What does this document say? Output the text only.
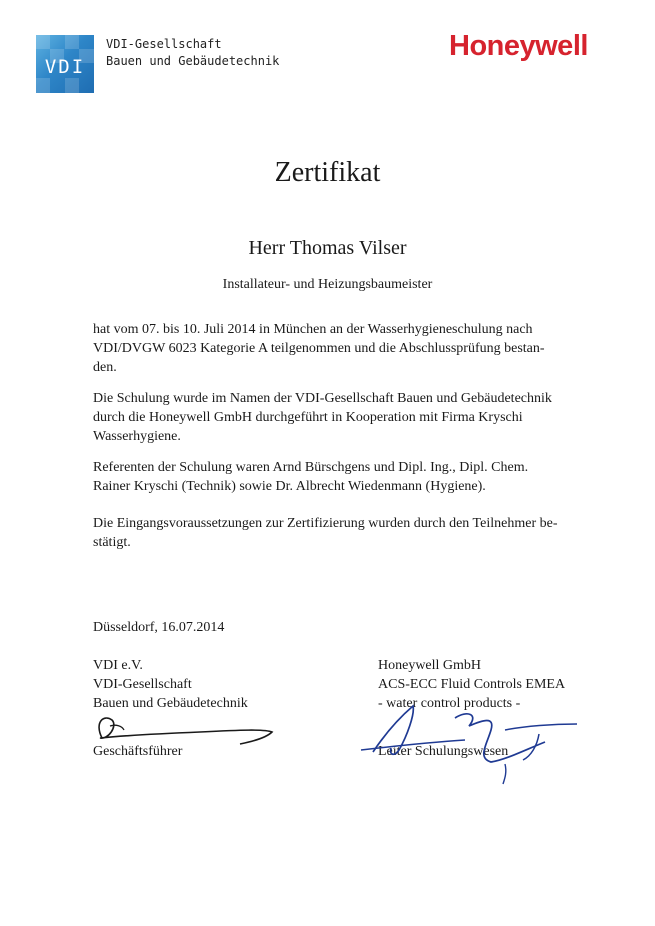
VDI
VDI-Gesellschaft
Bauen und Gebäudetechnik	Honeywell
Zertifikat
Herr Thomas Vilser
Installateur- und Heizungsbaumeister
hat vom 07. bis 10. Juli 2014 in München an der Wasserhygieneschulung nach
VDI/DVGW 6023 Kategorie A teilgenommen und die Abschlussprüfung bestan-
den.
Die Schulung wurde im Namen der VDI-Gesellschaft Bauen und Gebäudetechnik
durch die Honeywell GmbH durchgeführt in Kooperation mit Firma Kryschi
Wasserhygiene.
Referenten der Schulung waren Arnd Bürschgens und Dipl. Ing., Dipl. Chem.
Rainer Kryschi (Technik) sowie Dr. Albrecht Wiedenmann (Hygiene).
Die Eingangsvoraussetzungen zur Zertifizierung wurden durch den Teilnehmer be-
stätigt.
Düsseldorf, 16.07.2014
VDI e.V.
VDI-Gesellschaft
Bauen und Gebäudetechnik
Geschäftsführer
Honeywell GmbH
ACS-ECC Fluid Controls EMEA
- water control products -
Leiter Schulungswesen
